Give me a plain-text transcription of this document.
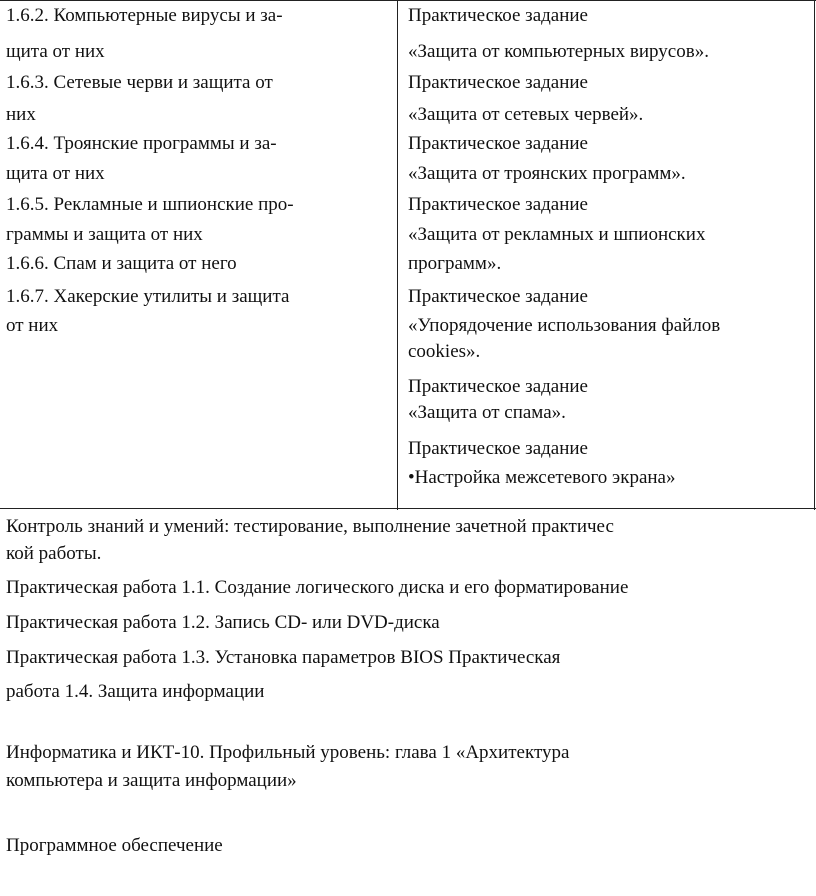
1.6.2. Компьютерные вирусы и за-
щита от них
1.6.3. Сетевые черви и защита от
них
1.6.4. Троянские программы и за-
щита от них
1.6.5. Рекламные и шпионские про-
граммы и защита от них
1.6.6. Спам и защита от него
1.6.7. Хакерские утилиты и защита
от них
Практическое задание
«Защита от компьютерных вирусов».
Практическое задание
«Защита от сетевых червей».
Практическое задание
«Защита от троянских программ».
Практическое задание
«Защита от рекламных и шпионских
программ».
Практическое задание
«Упорядочение использования файлов
cookies».
Практическое задание
«Защита от спама».
Практическое задание
•Настройка межсетевого экрана»
Контроль знаний и умений: тестирование, выполнение зачетной практичес
кой работы.
Практическая работа 1.1. Создание логического диска и его форматирование
Практическая работа 1.2. Запись CD- или DVD-диска
Практическая работа 1.3. Установка параметров BIOS Практическая
работа 1.4. Защита информации
Информатика и ИКТ-10. Профильный уровень: глава 1 «Архитектура
компьютера и защита информации»
Программное обеспечение
